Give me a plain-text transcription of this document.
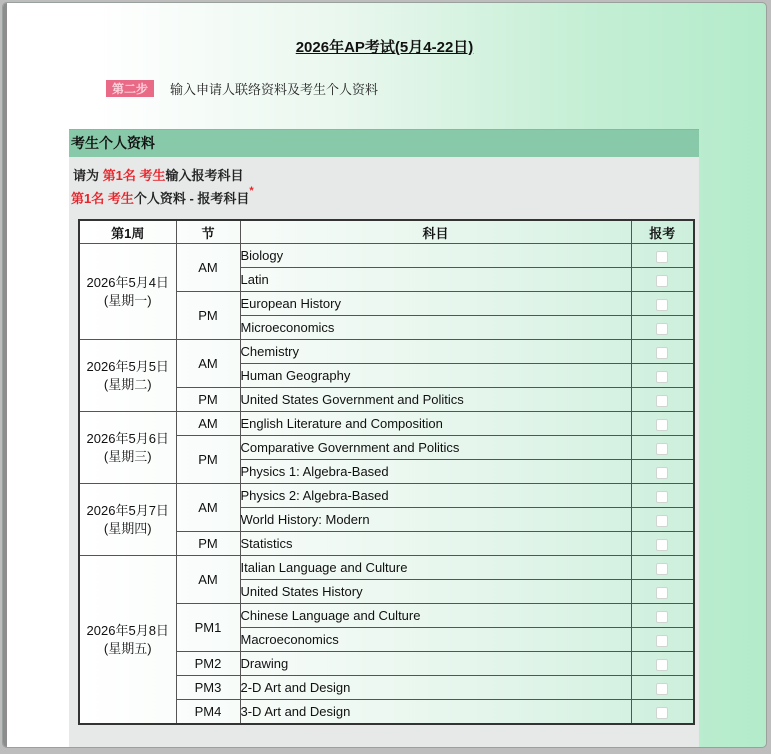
2026年AP考试(5月4-22日)
第二步	输入申请人联络资料及考生个人资料
考生个人资料
请为 第1名 考生输入报考科目
第1名 考生个人资料 - 报考科目*
第1周	节	科目	报考

2026年5月4日
(星期一)	AM	Biology	
		Latin	
	PM	European History	
		Microeconomics	

2026年5月5日
(星期二)	AM	Chemistry	
		Human Geography	
	PM	United States Government and Politics	

2026年5月6日
(星期三)	AM	English Literature and Composition	
	PM	Comparative Government and Politics	
		Physics 1: Algebra-Based	

2026年5月7日
(星期四)	AM	Physics 2: Algebra-Based	
		World History: Modern	
	PM	Statistics	

2026年5月8日
(星期五)	AM	Italian Language and Culture	
		United States History	
	PM1	Chinese Language and Culture	
		Macroeconomics	
	PM2	Drawing	
	PM3	2-D Art and Design	
	PM4	3-D Art and Design	
